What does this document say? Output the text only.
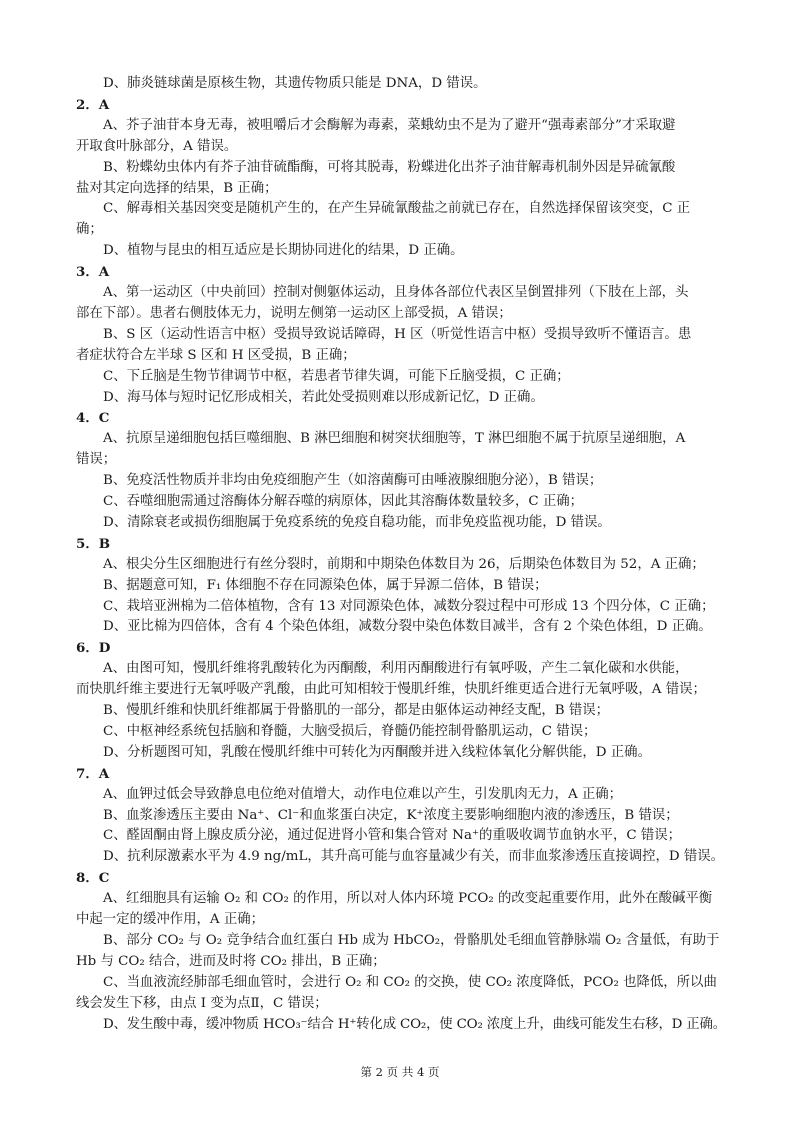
D、肺炎链球菌是原核生物，其遗传物质只能是 DNA，D 错误。
2．A
A、芥子油苷本身无毒，被咀嚼后才会酶解为毒素，菜蛾幼虫不是为了避开“强毒素部分”才采取避
开取食叶脉部分，A 错误。
B、粉蝶幼虫体内有芥子油苷硫酯酶，可将其脱毒，粉蝶进化出芥子油苷解毒机制外因是异硫氰酸
盐对其定向选择的结果，B 正确；
C、解毒相关基因突变是随机产生的，在产生异硫氰酸盐之前就已存在，自然选择保留该突变，C 正
确；
D、植物与昆虫的相互适应是长期协同进化的结果，D 正确。
3．A
A、第一运动区（中央前回）控制对侧躯体运动，且身体各部位代表区呈倒置排列（下肢在上部，头
部在下部）。患者右侧肢体无力，说明左侧第一运动区上部受损，A 错误；
B、S 区（运动性语言中枢）受损导致说话障碍，H 区（听觉性语言中枢）受损导致听不懂语言。患
者症状符合左半球 S 区和 H 区受损，B 正确；
C、下丘脑是生物节律调节中枢，若患者节律失调，可能下丘脑受损，C 正确；
D、海马体与短时记忆形成相关，若此处受损则难以形成新记忆，D 正确。
4．C
A、抗原呈递细胞包括巨噬细胞、B 淋巴细胞和树突状细胞等，T 淋巴细胞不属于抗原呈递细胞，A
错误；
B、免疫活性物质并非均由免疫细胞产生（如溶菌酶可由唾液腺细胞分泌），B 错误；
C、吞噬细胞需通过溶酶体分解吞噬的病原体，因此其溶酶体数量较多，C 正确；
D、清除衰老或损伤细胞属于免疫系统的免疫自稳功能，而非免疫监视功能，D 错误。
5．B
A、根尖分生区细胞进行有丝分裂时，前期和中期染色体数目为 26，后期染色体数目为 52，A 正确；
B、据题意可知，F₁ 体细胞不存在同源染色体，属于异源二倍体，B 错误；
C、栽培亚洲棉为二倍体植物，含有 13 对同源染色体，减数分裂过程中可形成 13 个四分体，C 正确；
D、亚比棉为四倍体，含有 4 个染色体组，减数分裂中染色体数目减半，含有 2 个染色体组，D 正确。
6．D
A、由图可知，慢肌纤维将乳酸转化为丙酮酸，利用丙酮酸进行有氧呼吸，产生二氧化碳和水供能，
而快肌纤维主要进行无氧呼吸产乳酸，由此可知相较于慢肌纤维，快肌纤维更适合进行无氧呼吸，A 错误；
B、慢肌纤维和快肌纤维都属于骨骼肌的一部分，都是由躯体运动神经支配，B 错误；
C、中枢神经系统包括脑和脊髓，大脑受损后，脊髓仍能控制骨骼肌运动，C 错误；
D、分析题图可知，乳酸在慢肌纤维中可转化为丙酮酸并进入线粒体氧化分解供能，D 正确。
7．A
A、血钾过低会导致静息电位绝对值增大，动作电位难以产生，引发肌肉无力，A 正确；
B、血浆渗透压主要由 Na⁺、Cl⁻和血浆蛋白决定，K⁺浓度主要影响细胞内液的渗透压，B 错误；
C、醛固酮由肾上腺皮质分泌，通过促进肾小管和集合管对 Na⁺的重吸收调节血钠水平，C 错误；
D、抗利尿激素水平为 4.9 ng/mL，其升高可能与血容量减少有关，而非血浆渗透压直接调控，D 错误。
8．C
A、红细胞具有运输 O₂ 和 CO₂ 的作用，所以对人体内环境 PCO₂ 的改变起重要作用，此外在酸碱平衡
中起一定的缓冲作用，A 正确；
B、部分 CO₂ 与 O₂ 竞争结合血红蛋白 Hb 成为 HbCO₂，骨骼肌处毛细血管静脉端 O₂ 含量低，有助于
Hb 与 CO₂ 结合，进而及时将 CO₂ 排出，B 正确；
C、当血液流经肺部毛细血管时，会进行 O₂ 和 CO₂ 的交换，使 CO₂ 浓度降低，PCO₂ 也降低，所以曲
线会发生下移，由点 I 变为点Ⅱ，C 错误；
D、发生酸中毒，缓冲物质 HCO₃⁻结合 H⁺转化成 CO₂，使 CO₂ 浓度上升，曲线可能发生右移，D 正确。
第 2 页 共 4 页
